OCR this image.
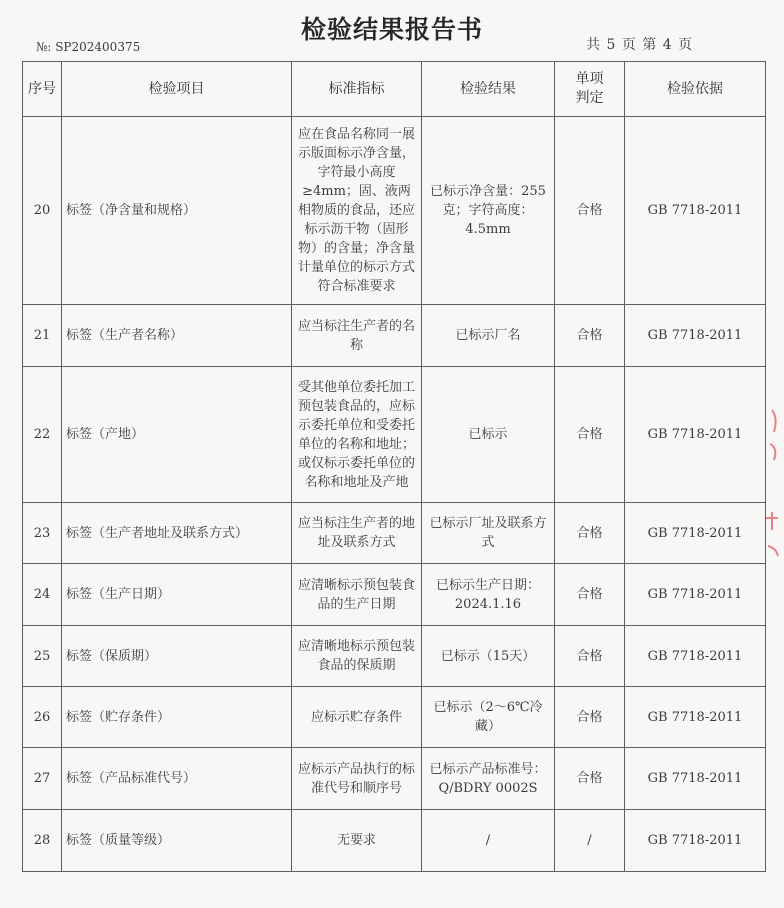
检验结果报告书
№: SP202400375	共 5 页 第 4 页
序号	检验项目	标准指标	检验结果	单项判定	检验依据
20	标签（净含量和规格）	应在食品名称同一展示版面标示净含量，字符最小高度≥4mm；固、液两相物质的食品，还应标示沥干物（固形物）的含量；净含量计量单位的标示方式符合标准要求	已标示净含量：255克；字符高度：4.5mm	合格	GB 7718-2011
21	标签（生产者名称）	应当标注生产者的名称	已标示厂名	合格	GB 7718-2011
22	标签（产地）	受其他单位委托加工预包装食品的，应标示委托单位和受委托单位的名称和地址；或仅标示委托单位的名称和地址及产地	已标示	合格	GB 7718-2011
23	标签（生产者地址及联系方式）	应当标注生产者的地址及联系方式	已标示厂址及联系方式	合格	GB 7718-2011
24	标签（生产日期）	应清晰标示预包装食品的生产日期	已标示生产日期：2024.1.16	合格	GB 7718-2011
25	标签（保质期）	应清晰地标示预包装食品的保质期	已标示（15天）	合格	GB 7718-2011
26	标签（贮存条件）	应标示贮存条件	已标示（2～6℃冷藏）	合格	GB 7718-2011
27	标签（产品标准代号）	应标示产品执行的标准代号和顺序号	已标示产品标准号：Q/BDRY 0002S	合格	GB 7718-2011
28	标签（质量等级）	无要求	/	/	GB 7718-2011
